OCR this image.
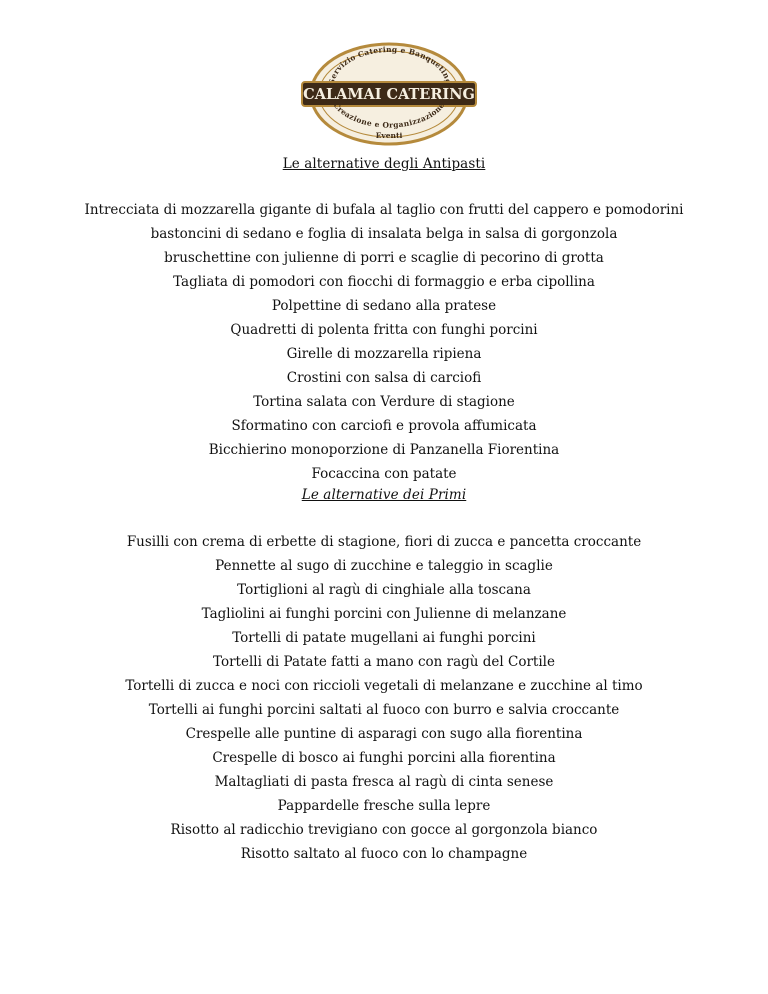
ervizio Catering e Banquetin
CALAMAI CATERING
Creazione e Organizzazione
Eventi
Le alternative degli Antipasti
Intrecciata di mozzarella gigante di bufala al taglio con frutti del cappero e pomodorini
bastoncini di sedano e foglia di insalata belga in salsa di gorgonzola
bruschettine con julienne di porri e scaglie di pecorino di grotta
Tagliata di pomodori con fiocchi di formaggio e erba cipollina
Polpettine di sedano alla pratese
Quadretti di polenta fritta con funghi porcini
Girelle di mozzarella ripiena
Crostini con salsa di carciofi
Tortina salata con Verdure di stagione
Sformatino con carciofi e provola affumicata
Bicchierino monoporzione di Panzanella Fiorentina
Focaccina con patate
Le alternative dei Primi
Fusilli con crema di erbette di stagione, fiori di zucca e pancetta croccante
Pennette al sugo di zucchine e taleggio in scaglie
Tortiglioni al ragù di cinghiale alla toscana
Tagliolini ai funghi porcini con Julienne di melanzane
Tortelli di patate mugellani ai funghi porcini
Tortelli di Patate fatti a mano con ragù del Cortile
Tortelli di zucca e noci con riccioli vegetali di melanzane e zucchine al timo
Tortelli ai funghi porcini saltati al fuoco con burro e salvia croccante
Crespelle alle puntine di asparagi con sugo alla fiorentina
Crespelle di bosco ai funghi porcini alla fiorentina
Maltagliati di pasta fresca al ragù di cinta senese
Pappardelle fresche sulla lepre
Risotto al radicchio trevigiano con gocce al gorgonzola bianco
Risotto saltato al fuoco con lo champagne
